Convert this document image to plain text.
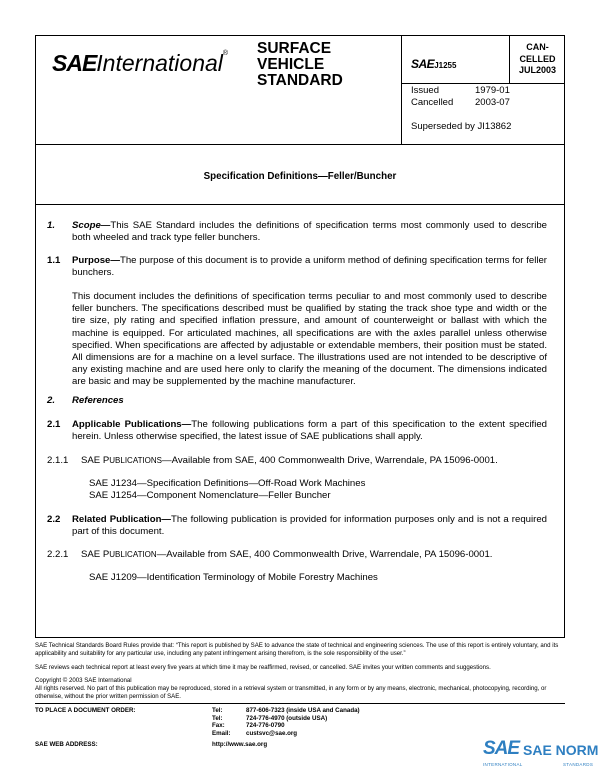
SAEInternational® SURFACE
VEHICLE
STANDARD
SAEJ1255
CAN-
CELLED
JUL2003
Issued	1979-01
Cancelled 2003-07
Superseded by JI13862
Specification Definitions—Feller/Buncher
1. Scope—This SAE Standard includes the definitions of specification terms most commonly used to describe both wheeled and track type feller bunchers.
1.1 Purpose—The purpose of this document is to provide a uniform method of defining specification terms for feller bunchers.
This document includes the definitions of specification terms peculiar to and most commonly used to describe feller bunchers. The specifications described must be qualified by stating the track shoe type and width or the tire size, ply rating and specified inflation pressure, and amount of counterweight or ballast with which the machine is equipped. For articulated machines, all specifications are with the axles parallel unless otherwise specified. When specifications are affected by adjustable or extendable members, their position must be stated. All dimensions are for a machine on a level surface. The illustrations used are not intended to be descriptive of any existing machine and are used here only to clarify the meaning of the document. The dimensions indicated are basic and may be supplemented by the machine manufacturer.
2. References
2.1 Applicable Publications—The following publications form a part of this specification to the extent specified herein. Unless otherwise specified, the latest issue of SAE publications shall apply.
2.1.1 SAE PUBLICATIONS—Available from SAE, 400 Commonwealth Drive, Warrendale, PA 15096-0001.
SAE J1234—Specification Definitions—Off-Road Work Machines
SAE J1254—Component Nomenclature—Feller Buncher
2.2 Related Publication—The following publication is provided for information purposes only and is not a required part of this document.
2.2.1 SAE PUBLICATION—Available from SAE, 400 Commonwealth Drive, Warrendale, PA 15096-0001.
SAE J1209—Identification Terminology of Mobile Forestry Machines
SAE Technical Standards Board Rules provide that: “This report is published by SAE to advance the state of technical and engineering sciences. The use of this report is entirely voluntary, and its applicability and suitability for any particular use, including any patent infringement arising therefrom, is the sole responsibility of the user.”
SAE reviews each technical report at least every five years at which time it may be reaffirmed, revised, or cancelled. SAE invites your written comments and suggestions.
Copyright © 2003 SAE International
All rights reserved. No part of this publication may be reproduced, stored in a retrieval system or transmitted, in any form or by any means, electronic, mechanical, photocopying, recording, or otherwise, without the prior written permission of SAE.
TO PLACE A DOCUMENT ORDER:	Tel:	877-606-7323 (inside USA and Canada)
Tel:	724-776-4970 (outside USA)
Fax:	724-776-0790
Email: custsvc@sae.org
SAE WEB ADDRESS:	http://www.sae.org	SAE SAE NORM
INTERNATIONAL	STANDARDS
